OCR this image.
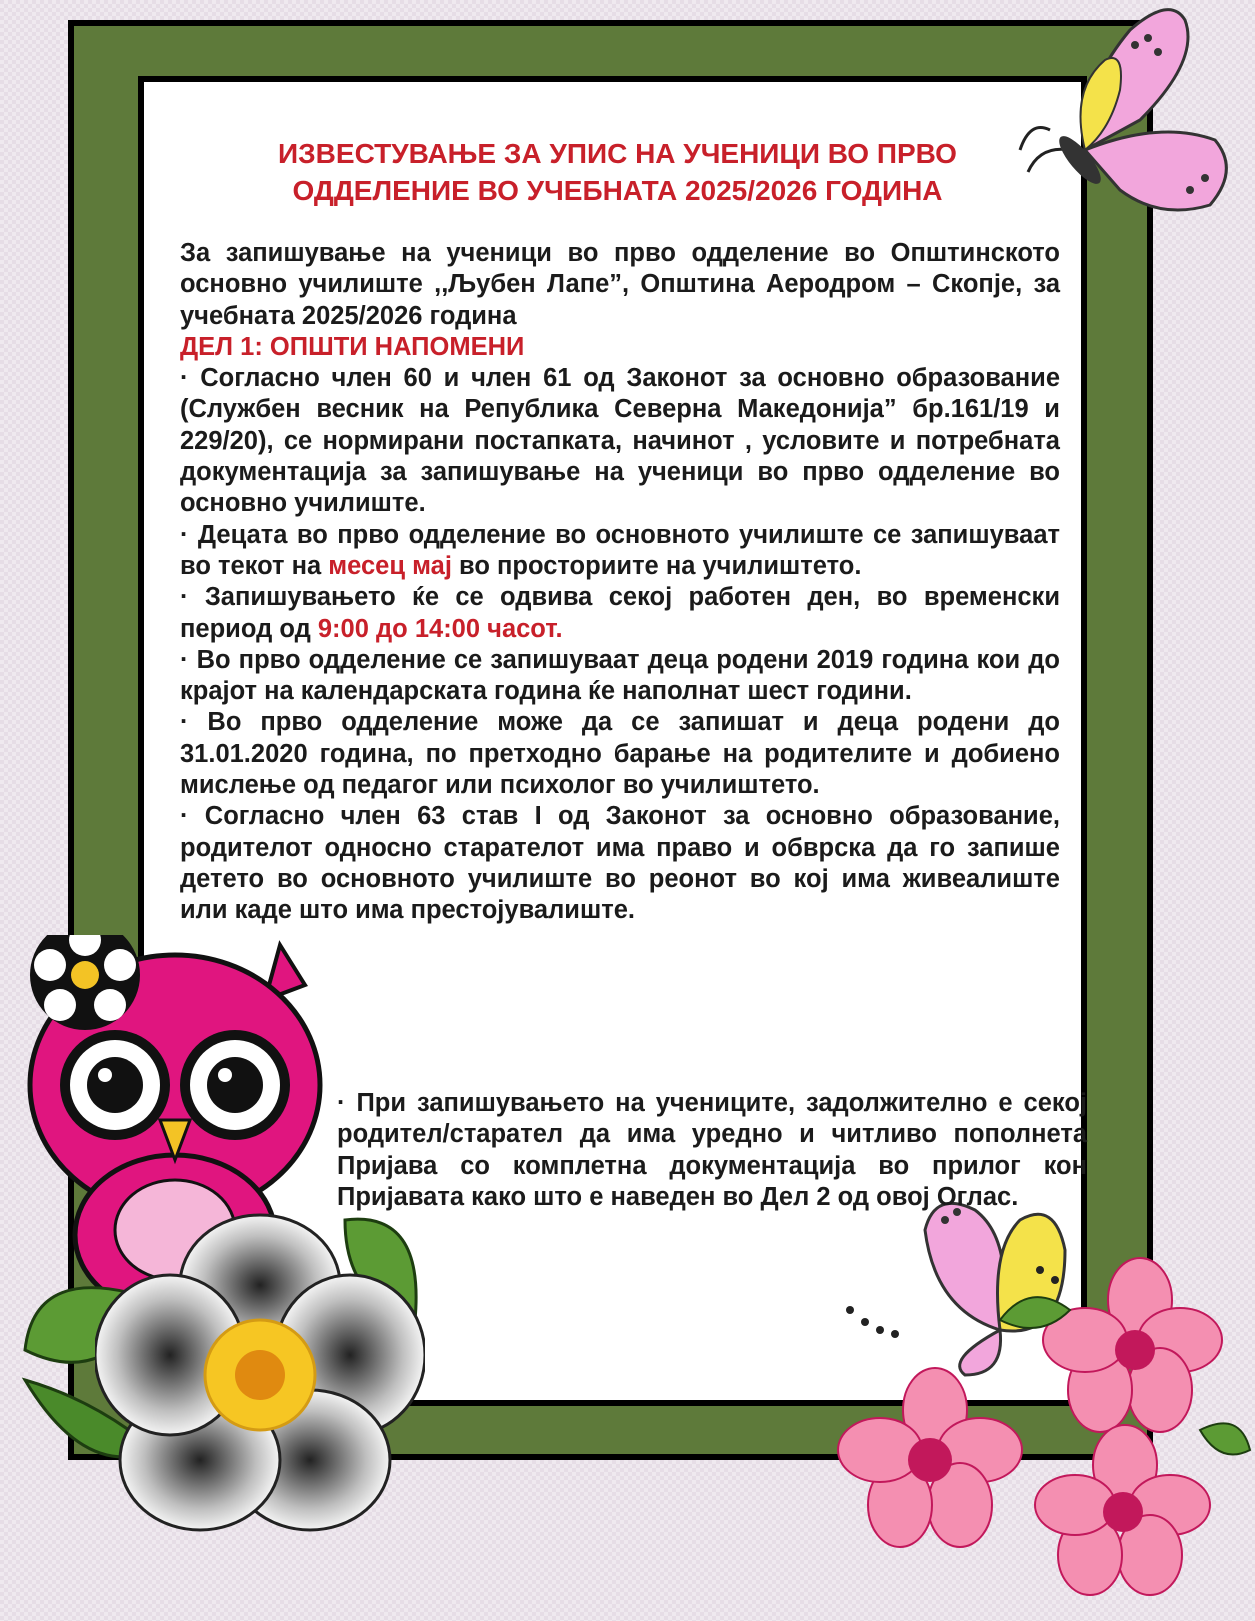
ИЗВЕСТУВАЊЕ ЗА УПИС НА УЧЕНИЦИ ВО ПРВО
ОДДЕЛЕНИЕ ВО УЧЕБНАТА 2025/2026 ГОДИНА

За запишување на ученици во прво одделение во Општинското основно училиште ,,Љубен Лапе”, Општина Аеродром – Скопје, за учебната 2025/2026 година

ДЕЛ 1: ОПШТИ НАПОМЕНИ

· Согласно член 60 и член 61 од Законот за основно образование (Службен весник на Република Северна Македонија” бр.161/19 и 229/20), се нормирани постапката, начинот , условите и потребната документација за запишување на ученици во прво одделение во основно училиште.

· Децата во прво одделение во основното училиште се запишуваат во текот на месец мај во просториите на училиштето.

· Запишувањето ќе се одвива секој работен ден, во временски период од 9:00 до 14:00 часот.

· Во прво одделение се запишуваат деца родени 2019 година кои до крајот на календарската година ќе наполнат шест години.

· Во прво одделение може да се запишат и деца родени до 31.01.2020 година, по претходно барање на родителите и добиено мислење од педагог или психолог во училиштето.

· Согласно член 63 став I од Законот за основно образование, родителот односно старателот има право и обврска да го запише детето во основното училиште во реонот во кој има живеалиште или каде што има престојувалиште.

· При запишувањето на учениците, задолжително е секој родител/старател да има уредно и читливо пополнета Пријава со комплетна документација во прилог кон Пријавата како што е наведен во Дел 2 од овој Оглас.
